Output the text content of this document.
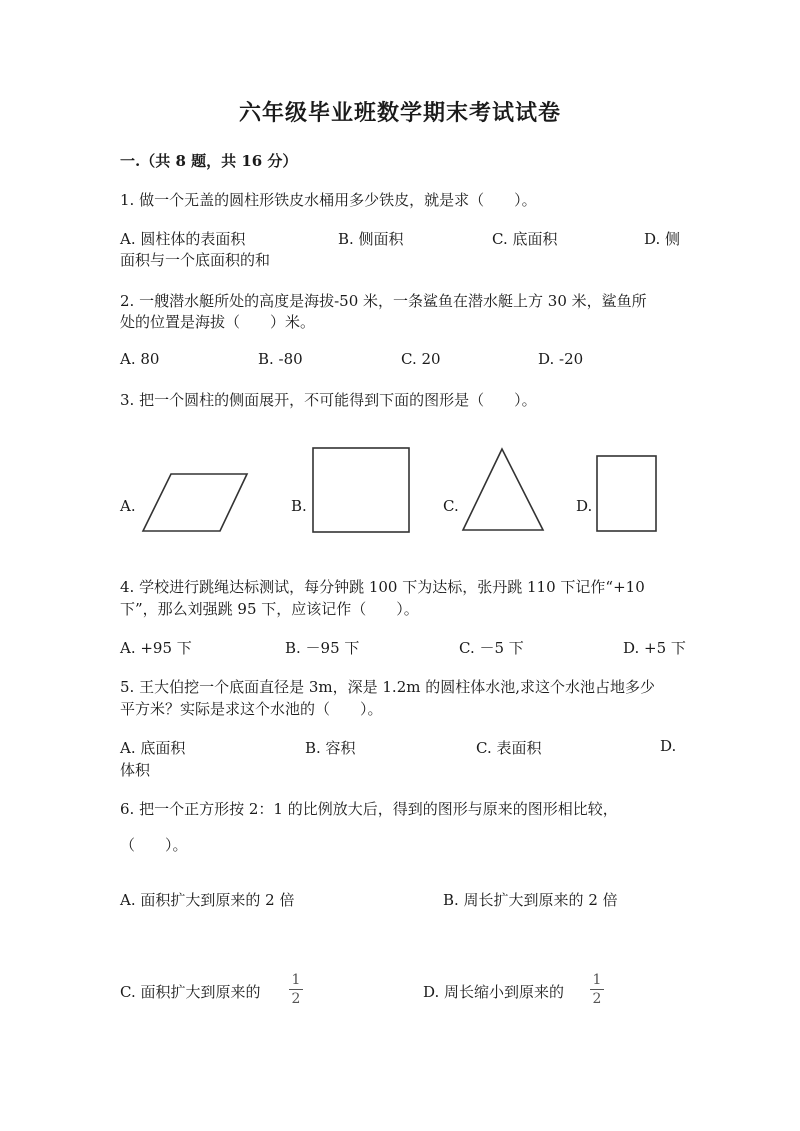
六年级毕业班数学期末考试试卷
一.（共 8 题，共 16 分）
1. 做一个无盖的圆柱形铁皮水桶用多少铁皮，就是求（　　）。
A. 圆柱体的表面积	B. 侧面积	C. 底面积	D. 侧
面积与一个底面积的和
2. 一艘潜水艇所处的高度是海拔-50 米，一条鲨鱼在潜水艇上方 30 米，鲨鱼所
处的位置是海拔（　　）米。
A. 80	B. -80	C. 20	D. -20
3. 把一个圆柱的侧面展开，不可能得到下面的图形是（　　）。
A.	B.	C.	D.
4. 学校进行跳绳达标测试，每分钟跳 100 下为达标，张丹跳 110 下记作“+10
下”，那么刘强跳 95 下，应该记作（　　）。
A. +95 下	B. －95 下	C. －5 下	D. +5 下
5. 王大伯挖一个底面直径是 3m，深是 1.2m 的圆柱体水池,求这个水池占地多少
平方米？实际是求这个水池的（　　）。
A. 底面积	B. 容积	C. 表面积	D.
体积
6. 把一个正方形按 2：1 的比例放大后，得到的图形与原来的图形相比较，
（　　）。
A. 面积扩大到原来的 2 倍	B. 周长扩大到原来的 2 倍
C. 面积扩大到原来的
1
2	D. 周长缩小到原来的
1
2
